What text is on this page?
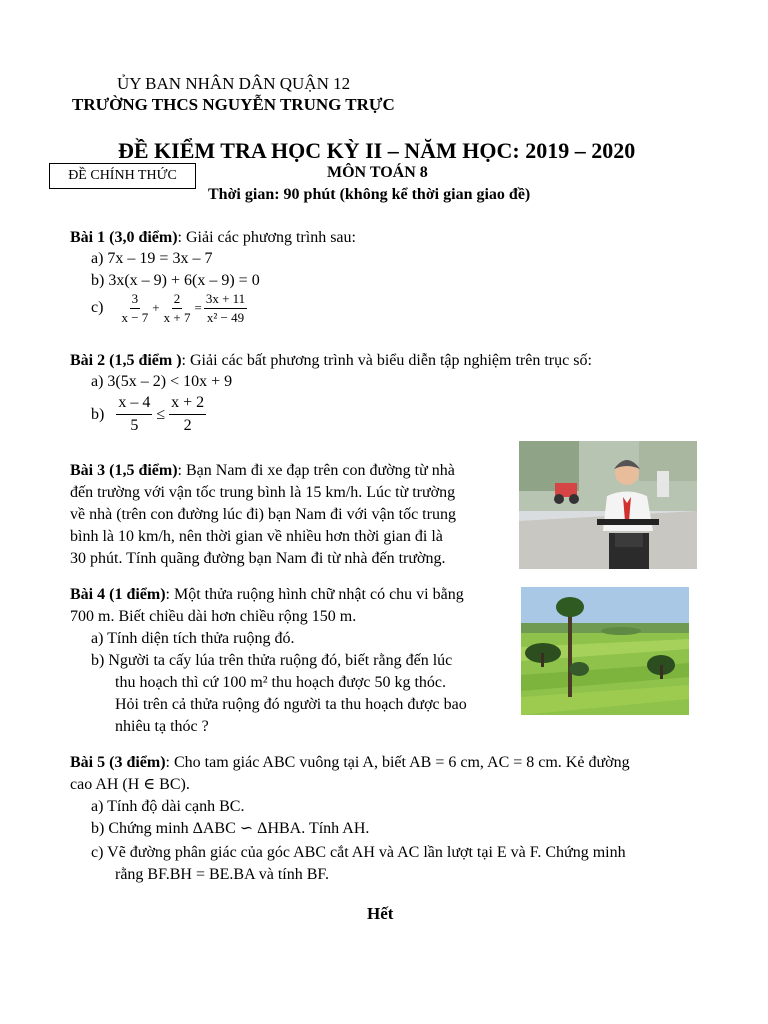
ỦY BAN NHÂN DÂN QUẬN 12
TRƯỜNG THCS NGUYỄN TRUNG TRỰC
ĐỀ KIỂM TRA HỌC KỲ II – NĂM HỌC: 2019 – 2020
ĐỀ CHÍNH THỨC	MÔN TOÁN 8
Thời gian: 90 phút (không kể thời gian giao đề)
Bài 1 (3,0 điểm): Giải các phương trình sau:
a) 7x – 19 = 3x – 7
b) 3x(x – 9) + 6(x – 9) = 0
$c) \frac{3}{x - 7} + \frac{2}{x + 7} = \frac{3x + 11}{\text{x² − 49}}$
Bài 2 (1,5 điểm ): Giải các bất phương trình và biểu diễn tập nghiệm trên trục số:
a) 3(5x – 2) < 10x + 9
$b) \frac{x - 4}{5} \le \frac{x + 2}{2}$
Bài 3 (1,5 điểm): Bạn Nam đi xe đạp trên con đường từ nhà
đến trường với vận tốc trung bình là 15 km/h. Lúc từ trường
về nhà (trên con đường lúc đi) bạn Nam đi với vận tốc trung
bình là 10 km/h, nên thời gian về nhiều hơn thời gian đi là
30 phút. Tính quãng đường bạn Nam đi từ nhà đến trường.
Bài 4 (1 điểm): Một thửa ruộng hình chữ nhật có chu vi bằng
700 m. Biết chiều dài hơn chiều rộng 150 m.
a) Tính diện tích thửa ruộng đó.
b) Người ta cấy lúa trên thửa ruộng đó, biết rằng đến lúc
thu hoạch thì cứ 100 m² thu hoạch được 50 kg thóc.
Hỏi trên cả thửa ruộng đó người ta thu hoạch được bao
nhiêu tạ thóc ?
Bài 5 (3 điểm): Cho tam giác ABC vuông tại A, biết AB = 6 cm, AC = 8 cm. Kẻ đường
cao AH (H ∈ BC).
a) Tính độ dài cạnh BC.
b) Chứng minh ΔABC ∽ ΔHBA. Tính AH.
c) Vẽ đường phân giác của góc ABC cắt AH và AC lần lượt tại E và F. Chứng minh
rằng BF.BH = BE.BA và tính BF.
Hết
